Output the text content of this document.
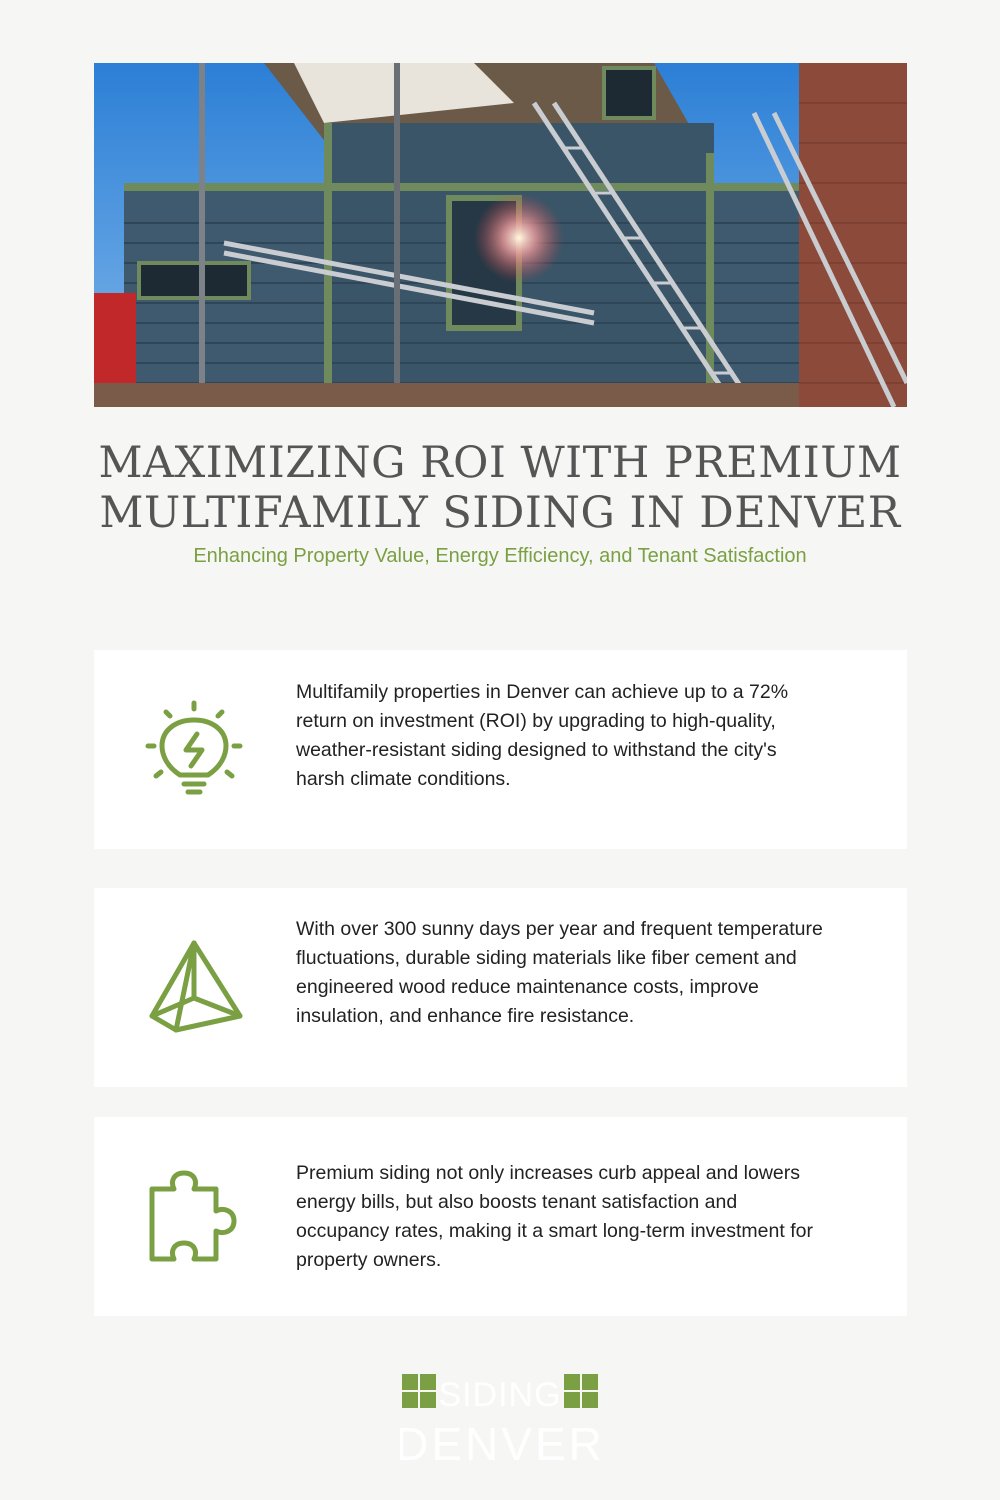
MAXIMIZING ROI WITH PREMIUM MULTIFAMILY SIDING IN DENVER

Enhancing Property Value, Energy Efficiency, and Tenant Satisfaction

Multifamily properties in Denver can achieve up to a 72% return on investment (ROI) by upgrading to high-quality, weather-resistant siding designed to withstand the city's harsh climate conditions.

With over 300 sunny days per year and frequent temperature fluctuations, durable siding materials like fiber cement and engineered wood reduce maintenance costs, improve insulation, and enhance fire resistance.

Premium siding not only increases curb appeal and lowers energy bills, but also boosts tenant satisfaction and occupancy rates, making it a smart long-term investment for property owners.

SIDING
DENVER
